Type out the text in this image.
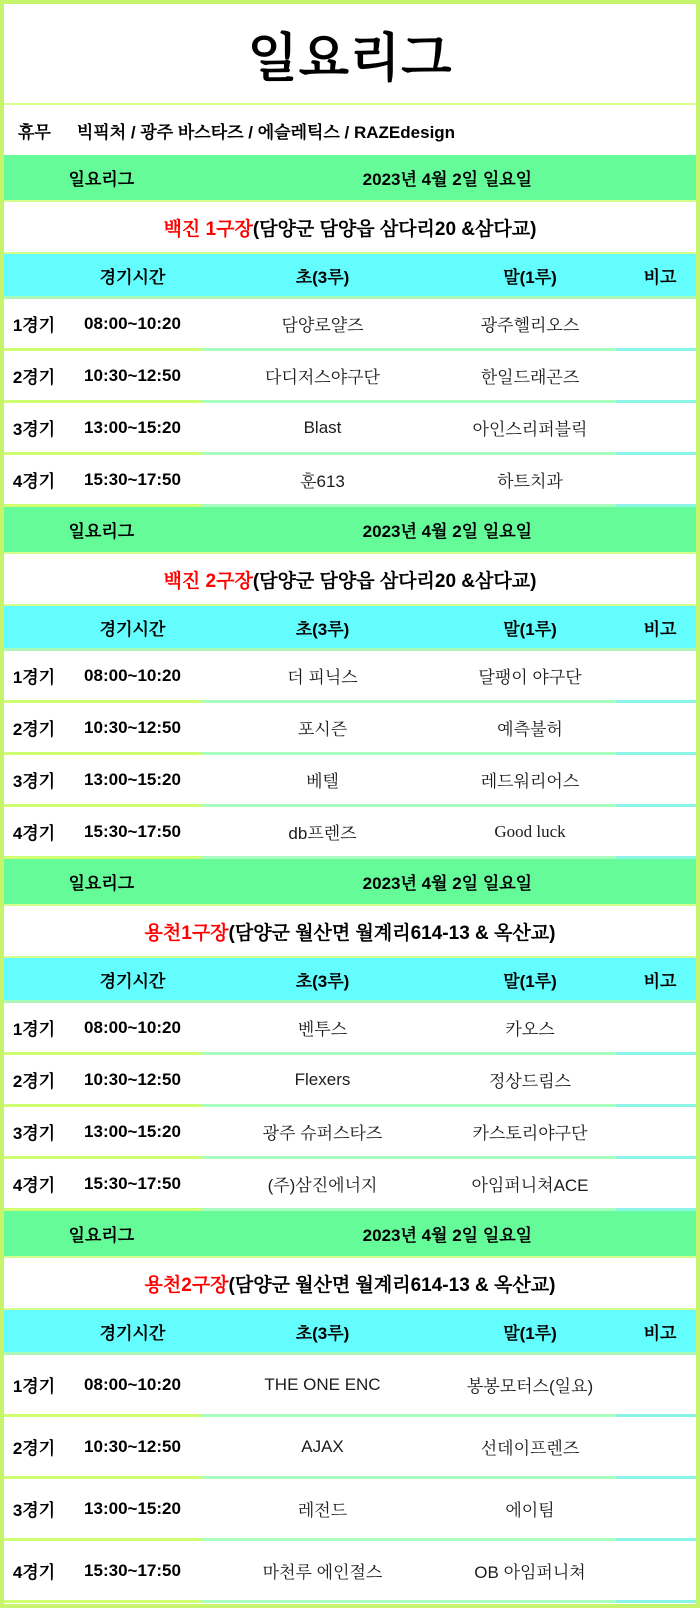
일요리그
휴무 빅픽처 / 광주 바스타즈 / 에슬레틱스 / RAZEdesign
일요리그	2023년 4월 2일 일요일
백진 1구장 (담양군 담양읍 삼다리20 &삼다교)
경기시간	초(3루)	말(1루)	비고
1경기	08:00~10:20	담양로얄즈	광주헬리오스
2경기	10:30~12:50	다디저스야구단	한일드래곤즈
3경기	13:00~15:20	Blast	아인스리퍼블릭
4경기	15:30~17:50	훈613	하트치과
일요리그	2023년 4월 2일 일요일
백진 2구장 (담양군 담양읍 삼다리20 &삼다교)
경기시간	초(3루)	말(1루)	비고
1경기	08:00~10:20	더 피닉스	달팽이 야구단
2경기	10:30~12:50	포시즌	예측불허
3경기	13:00~15:20	베텔	레드워리어스
4경기	15:30~17:50	db프렌즈	Good luck
일요리그	2023년 4월 2일 일요일
용천1구장 (담양군 월산면 월계리614-13 & 옥산교)
경기시간	초(3루)	말(1루)	비고
1경기	08:00~10:20	벤투스	카오스
2경기	10:30~12:50	Flexers	정상드림스
3경기	13:00~15:20	광주 슈퍼스타즈	카스토리야구단
4경기	15:30~17:50	(주)삼진에너지	아임퍼니쳐ACE
일요리그	2023년 4월 2일 일요일
용천2구장 (담양군 월산면 월계리614-13 & 옥산교)
경기시간	초(3루)	말(1루)	비고
1경기	08:00~10:20	THE ONE ENC	봉봉모터스(일요)
2경기	10:30~12:50	AJAX	선데이프렌즈
3경기	13:00~15:20	레전드	에이팀
4경기	15:30~17:50	마천루 에인절스	OB 아임퍼니쳐
